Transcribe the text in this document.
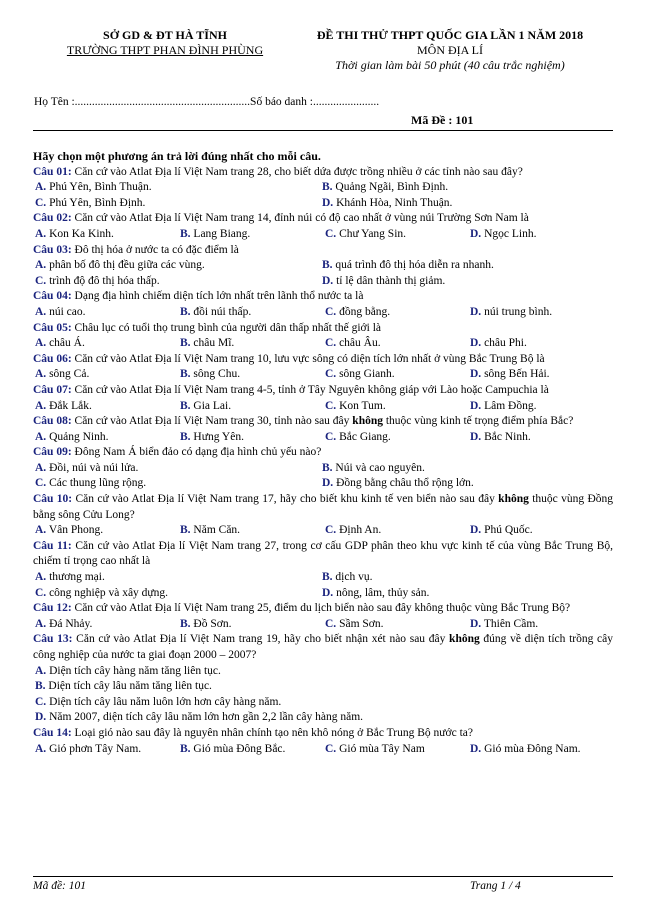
SỞ GD & ĐT HÀ TĨNH
TRƯỜNG THPT PHAN ĐÌNH PHÙNG
ĐỀ THI THỬ THPT QUỐC GIA LẦN 1 NĂM 2018
MÔN ĐỊA LÍ
Thời gian làm bài 50 phút (40 câu trắc nghiệm)
Họ Tên :.............................................................Số báo danh :.......................
Mã Đề : 101
Hãy chọn một phương án trả lời đúng nhất cho mỗi câu.
Câu 01: Căn cứ vào Atlat Địa lí Việt Nam trang 28, cho biết dứa được trồng nhiều ở các tỉnh nào sau đây?
A. Phú Yên, Bình Thuận.	B. Quảng Ngãi, Bình Định.
C. Phú Yên, Bình Định.	D. Khánh Hòa, Ninh Thuận.
Câu 02: Căn cứ vào Atlat Địa lí Việt Nam trang 14, đỉnh núi có độ cao nhất ở vùng núi Trường Sơn Nam là
A. Kon Ka Kinh.	B. Lang Biang.	C. Chư Yang Sin.	D. Ngọc Linh.
Câu 03: Đô thị hóa ở nước ta có đặc điểm là
A. phân bố đô thị đều giữa các vùng.	B. quá trình đô thị hóa diễn ra nhanh.
C. trình độ đô thị hóa thấp.	D. tỉ lệ dân thành thị giảm.
Câu 04: Dạng địa hình chiếm diện tích lớn nhất trên lãnh thổ nước ta là
A. núi cao.	B. đồi núi thấp.	C. đồng bằng.	D. núi trung bình.
Câu 05: Châu lục có tuổi thọ trung bình của người dân thấp nhất thế giới là
A. châu Á.	B. châu Mĩ.	C. châu Âu.	D. châu Phi.
Câu 06: Căn cứ vào Atlat Địa lí Việt Nam trang 10, lưu vực sông có diện tích lớn nhất ở vùng Bắc Trung Bộ là
A. sông Cả.	B. sông Chu.	C. sông Gianh.	D. sông Bến Hải.
Câu 07: Căn cứ vào Atlat Địa lí Việt Nam trang 4-5, tỉnh ở Tây Nguyên không giáp với Lào hoặc Campuchia là
A. Đắk Lắk.	B. Gia Lai.	C. Kon Tum.	D. Lâm Đồng.
Câu 08: Căn cứ vào Atlat Địa lí Việt Nam trang 30, tỉnh nào sau đây không thuộc vùng kinh tế trọng điểm phía Bắc?
A. Quảng Ninh.	B. Hưng Yên.	C. Bắc Giang.	D. Bắc Ninh.
Câu 09: Đông Nam Á biển đảo có dạng địa hình chủ yếu nào?
A. Đồi, núi và núi lửa.	B. Núi và cao nguyên.
C. Các thung lũng rộng.	D. Đồng bằng châu thổ rộng lớn.
Câu 10: Căn cứ vào Atlat Địa lí Việt Nam trang 17, hãy cho biết khu kinh tế ven biển nào sau đây không thuộc vùng Đồng bằng sông Cửu Long?
A. Vân Phong.	B. Năm Căn.	C. Định An.	D. Phú Quốc.
Câu 11: Căn cứ vào Atlat Địa lí Việt Nam trang 27, trong cơ cấu GDP phân theo khu vực kinh tế của vùng Bắc Trung Bộ, chiếm tỉ trọng cao nhất là
A. thương mại.	B. dịch vụ.
C. công nghiệp và xây dựng.	D. nông, lâm, thủy sản.
Câu 12: Căn cứ vào Atlat Địa lí Việt Nam trang 25, điểm du lịch biển nào sau đây không thuộc vùng Bắc Trung Bộ?
A. Đá Nhảy.	B. Đồ Sơn.	C. Sầm Sơn.	D. Thiên Cầm.
Câu 13: Căn cứ vào Atlat Địa lí Việt Nam trang 19, hãy cho biết nhận xét nào sau đây không đúng về diện tích trồng cây công nghiệp của nước ta giai đoạn 2000 – 2007?
A. Diện tích cây hàng năm tăng liên tục.
B. Diện tích cây lâu năm tăng liên tục.
C. Diện tích cây lâu năm luôn lớn hơn cây hàng năm.
D. Năm 2007, diện tích cây lâu năm lớn hơn gần 2,2 lần cây hàng năm.
Câu 14: Loại gió nào sau đây là nguyên nhân chính tạo nên khô nóng ở Bắc Trung Bộ nước ta?
A. Gió phơn Tây Nam.	B. Gió mùa Đông Bắc.	C. Gió mùa Tây Nam	D. Gió mùa Đông Nam.
Mã đề: 101	Trang 1 / 4
